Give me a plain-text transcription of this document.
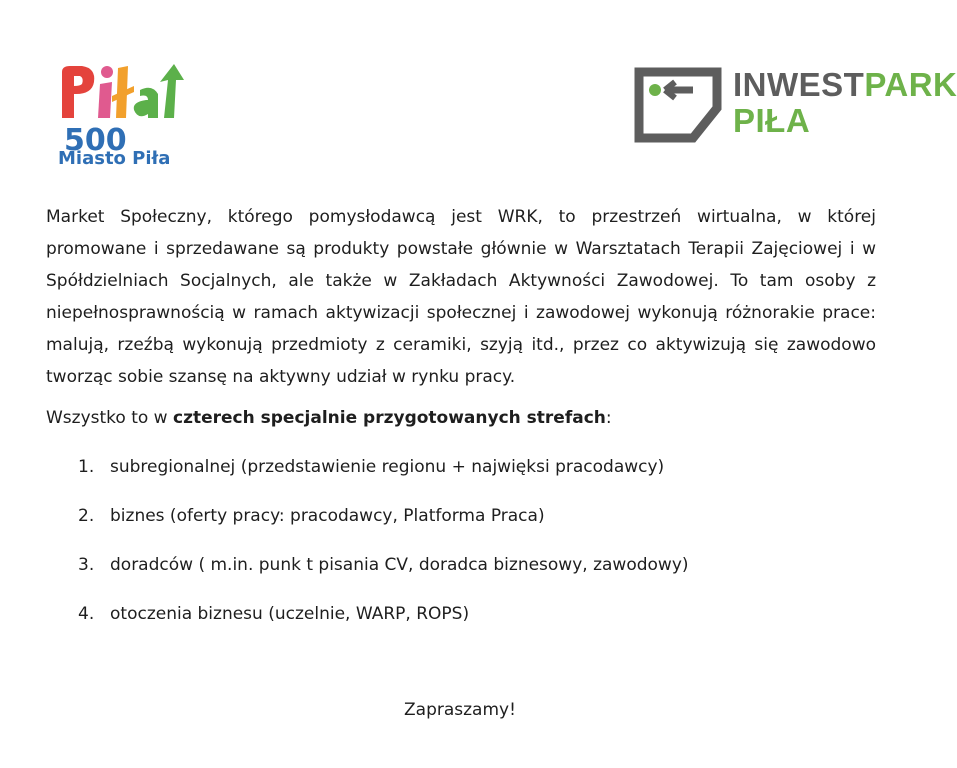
500
Miasto Piła
INWESTPARK
PIŁA
Market Społeczny, którego pomysłodawcą jest WRK, to przestrzeń wirtualna, w której promowane i sprzedawane są produkty powstałe głównie w Warsztatach Terapii Zajęciowej i w Spółdzielniach Socjalnych, ale także w Zakładach Aktywności Zawodowej. To tam osoby z niepełnosprawnością w ramach aktywizacji społecznej i zawodowej wykonują różnorakie prace: malują, rzeźbą wykonują przedmioty z ceramiki, szyją itd., przez co aktywizują się zawodowo tworząc sobie szansę na aktywny udział w rynku pracy.
Wszystko to w czterech specjalnie przygotowanych strefach:
1. subregionalnej (przedstawienie regionu + najwięksi pracodawcy)
2. biznes (oferty pracy: pracodawcy, Platforma Praca)
3. doradców ( m.in. punk t pisania CV, doradca biznesowy, zawodowy)
4. otoczenia biznesu (uczelnie, WARP, ROPS)
Zapraszamy!
